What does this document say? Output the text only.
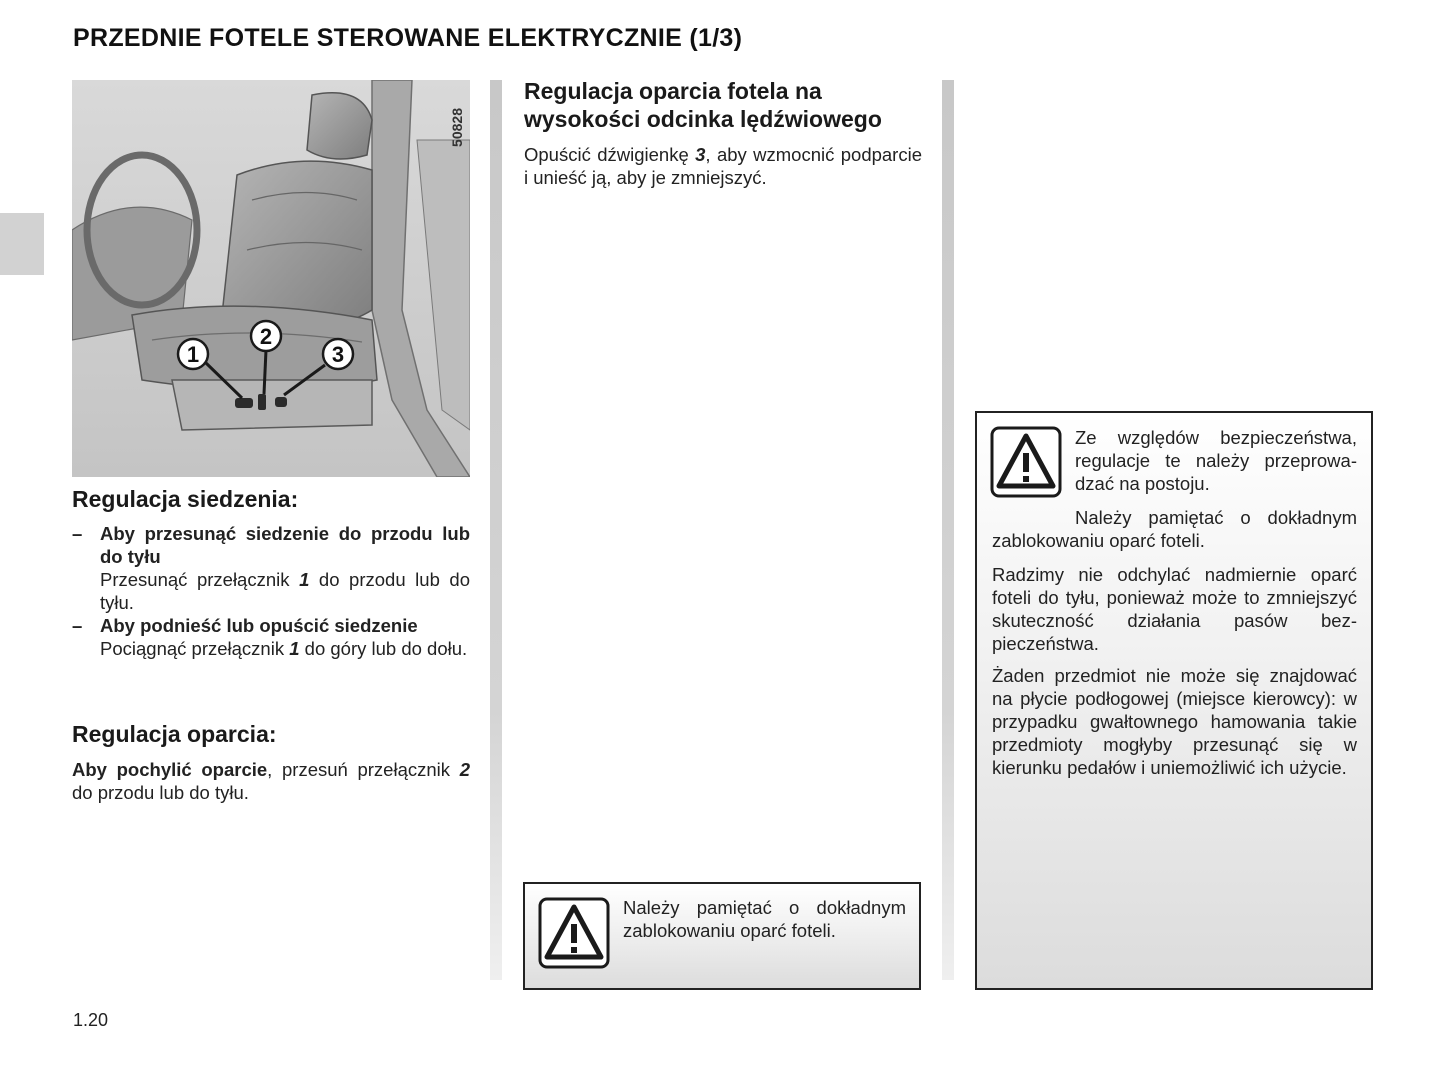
PRZEDNIE FOTELE STEROWANE ELEKTRYCZNIE (1/3)
1
2
3
50828
Regulacja siedzenia:
– Aby przesunąć siedzenie do przodu lub do tyłu
Przesunąć przełącznik 1 do przodu lub do tyłu.
– Aby podnieść lub opuścić siedzenie
Pociągnąć przełącznik 1 do góry lub do dołu.
Regulacja oparcia:

Aby pochylić oparcie, przesuń przełącznik 2 do przodu lub do tyłu.

Regulacja oparcia fotela na wysokości odcinka lędźwiowego

Opuścić dźwigienkę 3, aby wzmocnić podparcie i unieść ją, aby je zmniejszyć.

Należy pamiętać o dokładnym zablokowaniu oparć foteli.

Ze względów bezpieczeństwa, regulacje te należy przeprowadzać na postoju.

Należy pamiętać o dokładnym zablokowaniu oparć foteli.

Radzimy nie odchylać nadmiernie oparć foteli do tyłu, ponieważ może to zmniejszyć skuteczność działania pasów bezpieczeństwa.

Żaden przedmiot nie może się znajdować na płycie podłogowej (miejsce kierowcy): w przypadku gwałtownego hamowania takie przedmioty mogłyby przesunąć się w kierunku pedałów i uniemożliwić ich użycie.

1.20
